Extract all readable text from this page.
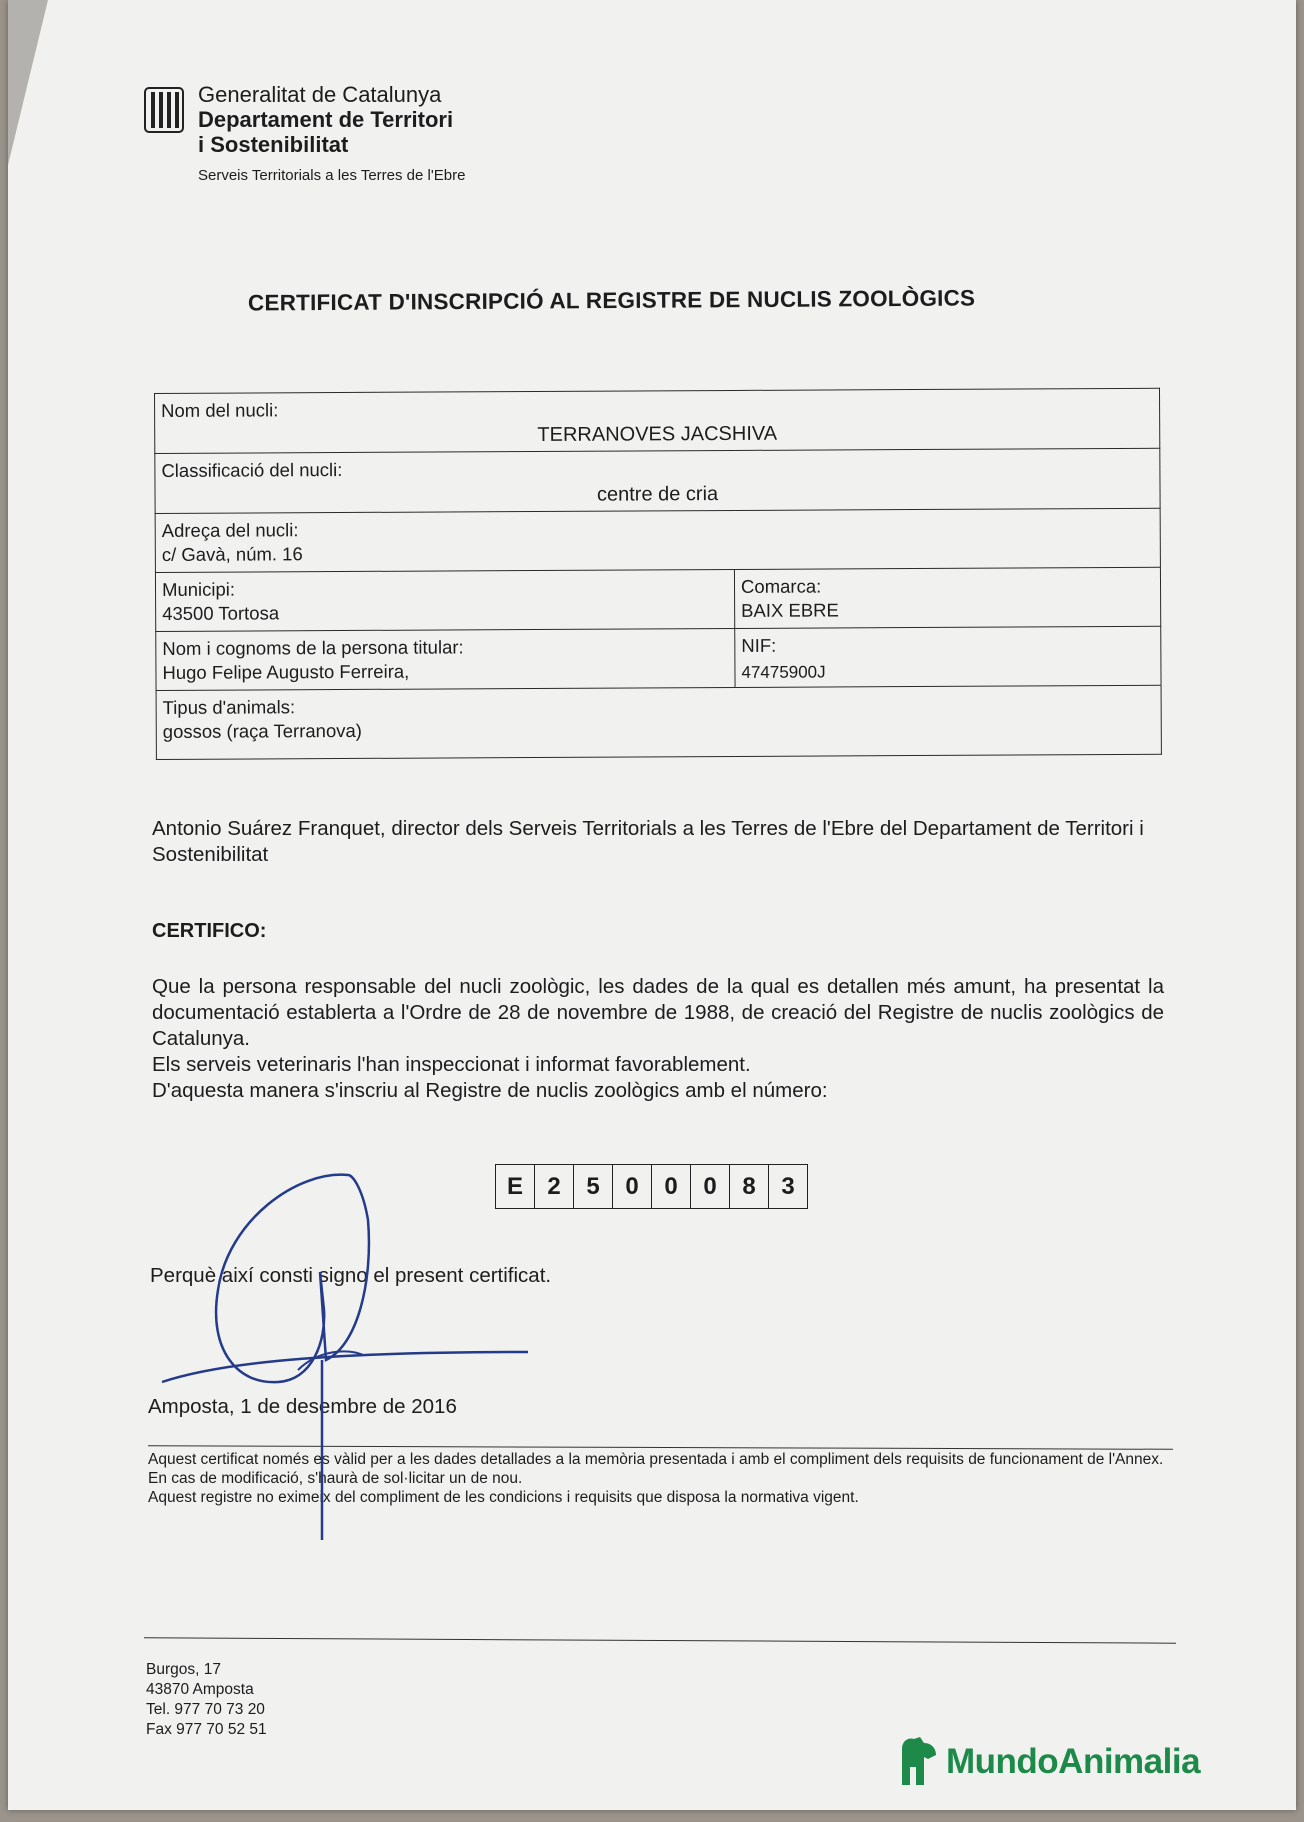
Generalitat de Catalunya
Departament de Territori
i Sostenibilitat
Serveis Territorials a les Terres de l'Ebre
CERTIFICAT D'INSCRIPCIÓ AL REGISTRE DE NUCLIS ZOOLÒGICS
Nom del nucli:
TERRANOVES JACSHIVA	

Classificació del nucli:
centre de cria	

Adreça del nucli:
c/ Gavà, núm. 16	

Municipi:
43500 Tortosa	Comarca:
BAIX EBRE

Nom i cognoms de la persona titular:
Hugo Felipe Augusto Ferreira,	NIF:
47475900J

Tipus d'animals:
gossos (raça Terranova)	
Antonio Suárez Franquet, director dels Serveis Territorials a les Terres de l'Ebre del Departament de Territori i Sostenibilitat
CERTIFICO:

Que la persona responsable del nucli zoològic, les dades de la qual es detallen més amunt, ha presentat la documentació establerta a l'Ordre de 28 de novembre de 1988, de creació del Registre de nuclis zoològics de Catalunya.

Els serveis veterinaris l'han inspeccionat i informat favorablement.

D'aquesta manera s'inscriu al Registre de nuclis zoològics amb el número:

E	2	5	0	0	0	8	3
Perquè així consti signo el present certificat.
Amposta, 1 de desembre de 2016

Aquest certificat només es vàlid per a les dades detallades a la memòria presentada i amb el compliment dels requisits de funcionament de l'Annex.

En cas de modificació, s'haurà de sol·licitar un de nou.

Aquest registre no eximeix del compliment de les condicions i requisits que disposa la normativa vigent.

Burgos, 17
43870 Amposta
Tel. 977 70 73 20
Fax 977 70 52 51
MundoAnimalia
